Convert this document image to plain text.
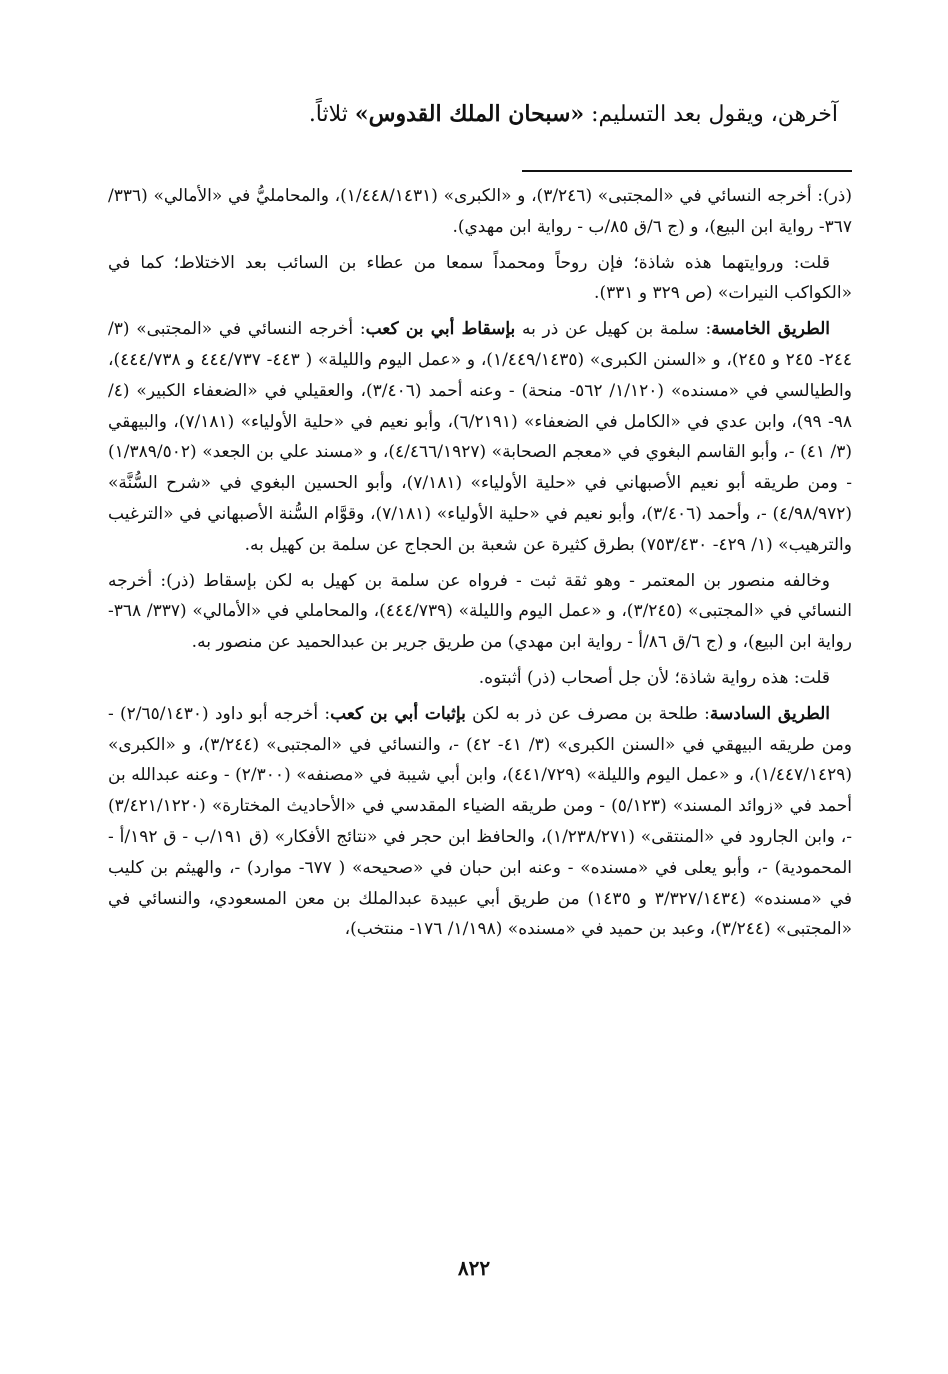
آخرهن، ويقول بعد التسليم: «سبحان الملك القدوس» ثلاثاً.

(ذر): أخرجه النسائي في «المجتبى» (٣/٢٤٦)، و «الكبرى» (١/٤٤٨/١٤٣١)، والمحامليُّ في «الأمالي» (٣٣٦/ ٣٦٧- رواية ابن البيع)، و (ج ٦/ق ٨٥/ب - رواية ابن مهدي).

قلت: وروايتهما هذه شاذة؛ فإن روحاً ومحمداً سمعا من عطاء بن السائب بعد الاختلاط؛ كما في «الكواكب النيرات» (ص ٣٢٩ و ٣٣١).

الطريق الخامسة: سلمة بن كهيل عن ذر به بإسقاط أبي بن كعب: أخرجه النسائي في «المجتبى» (٣/ ٢٤٤- ٢٤٥ و ٢٤٥)، و «السنن الكبرى» (١/٤٤٩/١٤٣٥)، و «عمل اليوم والليلة» ( ٤٤٣- ٤٤٤/٧٣٧ و ٤٤٤/٧٣٨)، والطيالسي في «مسنده» (١/١٢٠/ ٥٦٢- منحة) - وعنه أحمد (٣/٤٠٦)، والعقيلي في «الضعفاء الكبير» (٤/ ٩٨- ٩٩)، وابن عدي في «الكامل في الضعفاء» (٦/٢١٩١)، وأبو نعيم في «حلية الأولياء» (٧/١٨١)، والبيهقي (٣/ ٤١) -، وأبو القاسم البغوي في «معجم الصحابة» (٤/٤٦٦/١٩٢٧)، و «مسند علي بن الجعد» (١/٣٨٩/٥٠٢) - ومن طريقه أبو نعيم الأصبهاني في «حلية الأولياء» (٧/١٨١)، وأبو الحسين البغوي في «شرح السُّنَّة» (٤/٩٨/٩٧٢) -، وأحمد (٣/٤٠٦)، وأبو نعيم في «حلية الأولياء» (٧/١٨١)، وقوَّام السُّنة الأصبهاني في «الترغيب والترهيب» (١/ ٤٢٩- ٧٥٣/٤٣٠) بطرق كثيرة عن شعبة بن الحجاج عن سلمة بن كهيل به.

وخالفه منصور بن المعتمر - وهو ثقة ثبت - فرواه عن سلمة بن كهيل به لكن بإسقاط (ذر): أخرجه النسائي في «المجتبى» (٣/٢٤٥)، و «عمل اليوم والليلة» (٤٤٤/٧٣٩)، والمحاملي في «الأمالي» (٣٣٧/ ٣٦٨- رواية ابن البيع)، و (ج ٦/ق ٨٦/أ - رواية ابن مهدي) من طريق جرير بن عبدالحميد عن منصور به.

قلت: هذه رواية شاذة؛ لأن جل أصحاب (ذر) أثبتوه.

الطريق السادسة: طلحة بن مصرف عن ذر به لكن بإثبات أبي بن كعب: أخرجه أبو داود (٢/٦٥/١٤٣٠) - ومن طريقه البيهقي في «السنن الكبرى» (٣/ ٤١- ٤٢) -، والنسائي في «المجتبى» (٣/٢٤٤)، و «الكبرى» (١/٤٤٧/١٤٢٩)، و «عمل اليوم والليلة» (٤٤١/٧٢٩)، وابن أبي شيبة في «مصنفه» (٢/٣٠٠) - وعنه عبدالله بن أحمد في «زوائد المسند» (٥/١٢٣) - ومن طريقه الضياء المقدسي في «الأحاديث المختارة» (٣/٤٢١/١٢٢٠) -، وابن الجارود في «المنتقى» (١/٢٣٨/٢٧١)، والحافظ ابن حجر في «نتائج الأفكار» (ق ١٩١/ب - ق ١٩٢/أ - المحمودية) -، وأبو يعلى في «مسنده» - وعنه ابن حبان في «صحيحه» ( ٦٧٧- موارد) -، والهيثم بن كليب في «مسنده» (٣/٣٢٧/١٤٣٤ و ١٤٣٥) من طريق أبي عبيدة عبدالملك بن معن المسعودي، والنسائي في «المجتبى» (٣/٢٤٤)، وعبد بن حميد في «مسنده» (١/١٩٨/ ١٧٦- منتخب)،

٨٢٢
